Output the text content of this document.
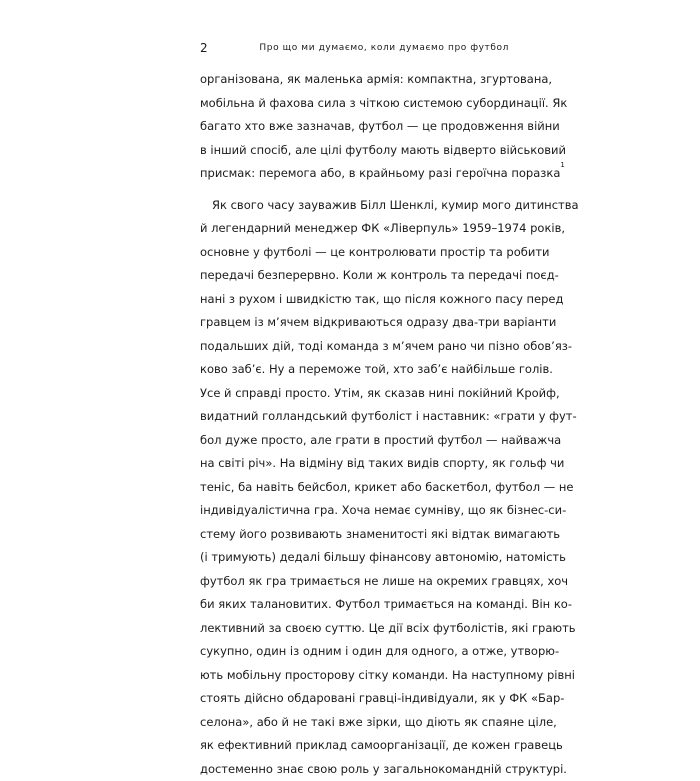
2	Про що ми думаємо, коли думаємо про футбол
організована, як маленька армія: компактна, згуртована,
мобільна й фахова сила з чіткою системою субординації. Як
багато хто вже зазначав, футбол — це продовження війни
в інший спосіб, але цілі футболу мають відверто військовий
присмак: перемога або, в крайньому разі героїчна поразка$^1$
Як свого часу зауважив Білл Шенклі, кумир мого дитинства
й легендарний менеджер ФК «Ліверпуль» 1959–1974 років,
основне у футболі — це контролювати простір та робити
передачі безперервно. Коли ж контроль та передачі поєд-
нані з рухом і швидкістю так, що після кожного пасу перед
гравцем із м’ячем відкриваються одразу два-три варіанти
подальших дій, тоді команда з м’ячем рано чи пізно обов’яз-
ково заб’є. Ну а переможе той, хто заб’є найбільше голів.
Усе й справді просто. Утім, як сказав нині покійний Кройф,
видатний голландський футболіст і наставник: «грати у фут-
бол дуже просто, але грати в простий футбол — найважча
на світі річ». На відміну від таких видів спорту, як гольф чи
теніс, ба навіть бейсбол, крикет або баскетбол, футбол — не
індивідуалістична гра. Хоча немає сумніву, що як бізнес-си-
стему його розвивають знаменитості які відтак вимагають
(і тримують) дедалі більшу фінансову автономію, натомість
футбол як гра тримається не лише на окремих гравцях, хоч
би яких талановитих. Футбол тримається на команді. Він ко-
лективний за своєю суттю. Це дії всіх футболістів, які грають
сукупно, один із одним і один для одного, а отже, утворю-
ють мобільну просторову сітку команди. На наступному рівні
стоять дійсно обдаровані гравці-індивідуали, як у ФК «Бар-
селона», або й не такі вже зірки, що діють як спаяне ціле,
як ефективний приклад самоорганізації, де кожен гравець
достеменно знає свою роль у загальнокомандній структурі.
